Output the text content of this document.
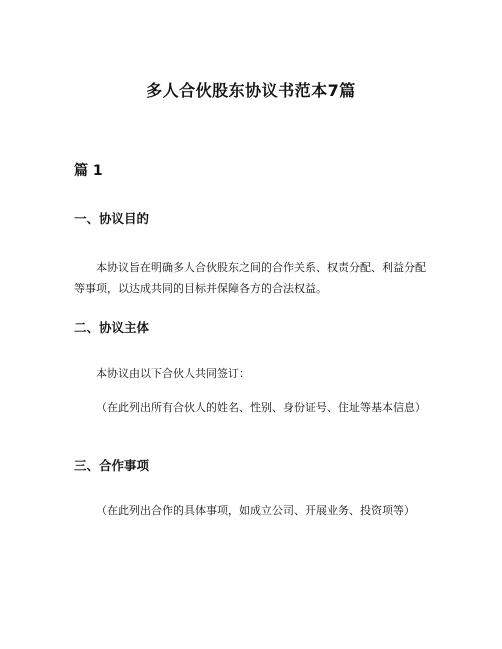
多人合伙股东协议书范本7篇
篇 1
一、协议目的
本协议旨在明确多人合伙股东之间的合作关系、权责分配、利益分配等事项，以达成共同的目标并保障各方的合法权益。
二、协议主体
本协议由以下合伙人共同签订：
（在此列出所有合伙人的姓名、性别、身份证号、住址等基本信息）
三、合作事项
（在此列出合作的具体事项，如成立公司、开展业务、投资项等）
